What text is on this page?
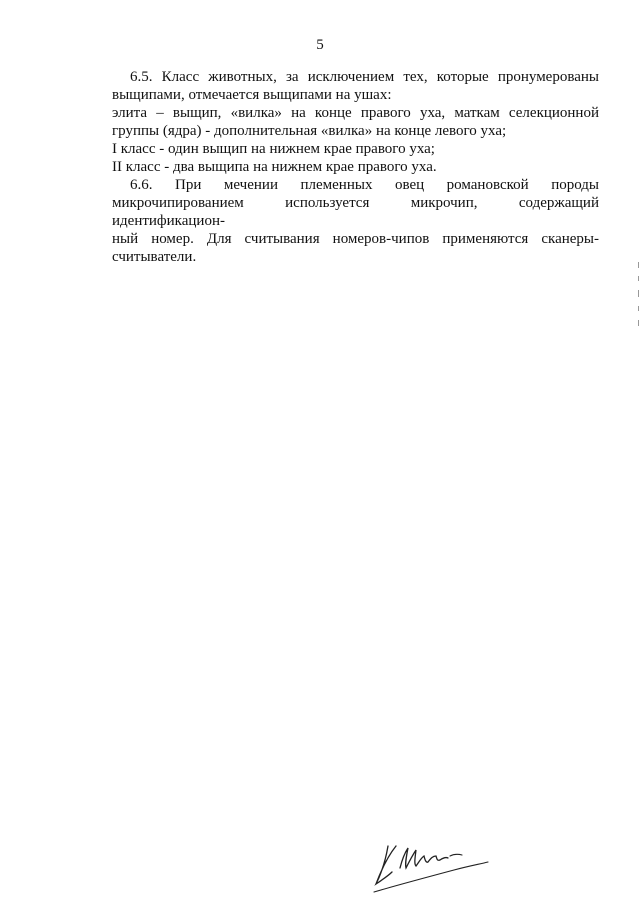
5
6.5. Класс животных, за исключением тех, которые пронумерованы
выщипами, отмечается выщипами на ушах:
элита – выщип, «вилка» на конце правого уха, маткам селекционной
группы (ядра) - дополнительная «вилка» на конце левого уха;
I класс - один выщип на нижнем крае правого уха;
II класс - два выщипа на нижнем крае правого уха.
6.6. При мечении племенных овец романовской породы
микрочипированием используется микрочип, содержащий идентификацион-
ный номер. Для считывания номеров-чипов применяются сканеры-
считыватели.
